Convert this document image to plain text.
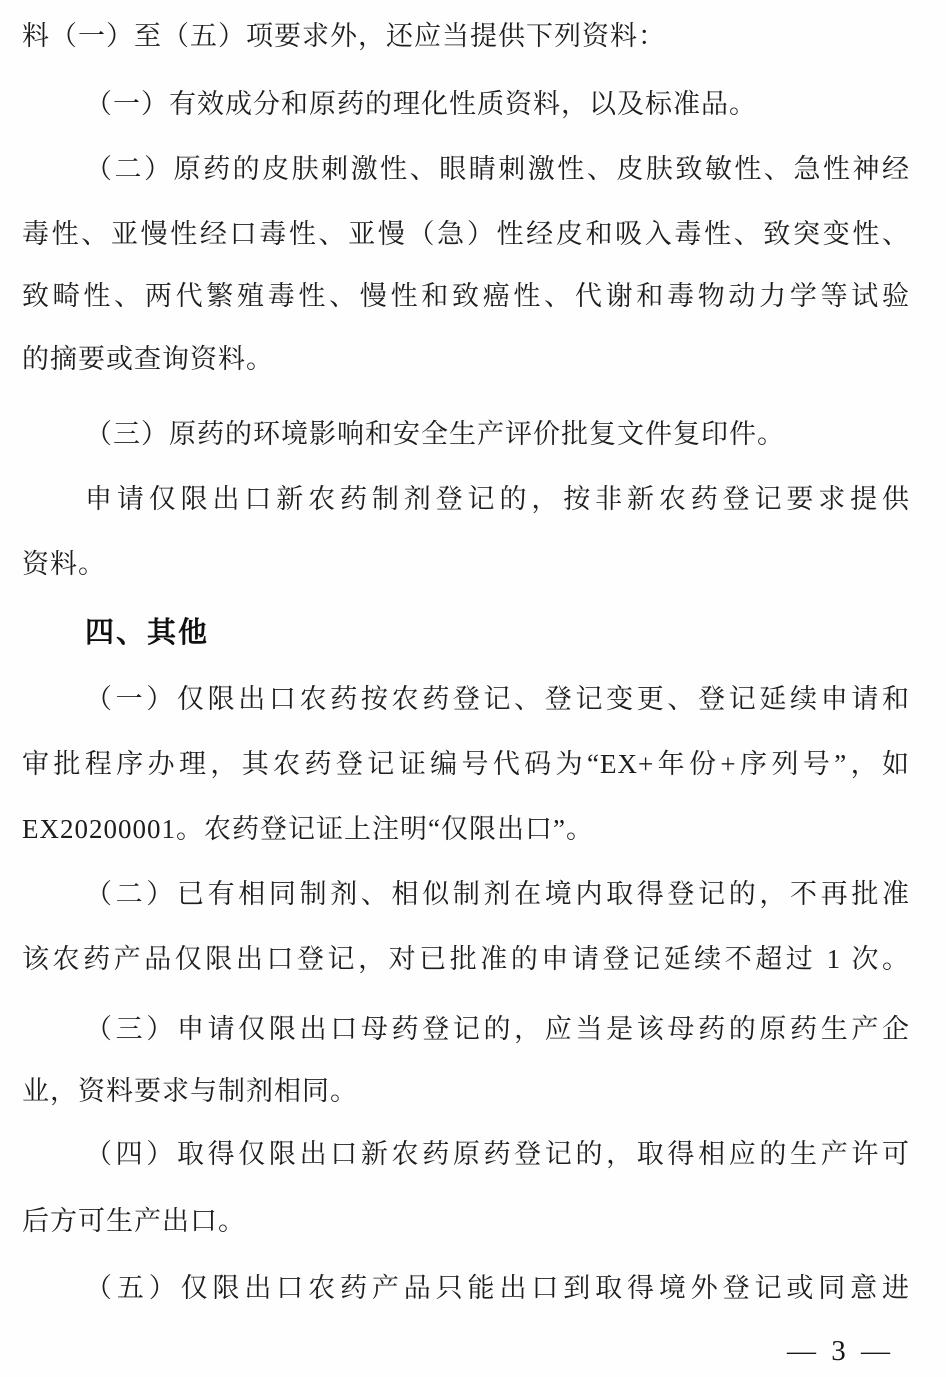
料（一）至（五）项要求外，还应当提供下列资料：
（一）有效成分和原药的理化性质资料，以及标准品。
（二）原药的皮肤刺激性、眼睛刺激性、皮肤致敏性、急性神经
毒性、亚慢性经口毒性、亚慢（急）性经皮和吸入毒性、致突变性、
致畸性、两代繁殖毒性、慢性和致癌性、代谢和毒物动力学等试验
的摘要或查询资料。
（三）原药的环境影响和安全生产评价批复文件复印件。
申请仅限出口新农药制剂登记的，按非新农药登记要求提供
资料。
四、其他
（一）仅限出口农药按农药登记、登记变更、登记延续申请和
审批程序办理，其农药登记证编号代码为“EX+年份+序列号”，如
EX20200001。农药登记证上注明“仅限出口”。
（二）已有相同制剂、相似制剂在境内取得登记的，不再批准
该农药产品仅限出口登记，对已批准的申请登记延续不超过 1 次。
（三）申请仅限出口母药登记的，应当是该母药的原药生产企
业，资料要求与制剂相同。
（四）取得仅限出口新农药原药登记的，取得相应的生产许可
后方可生产出口。
（五）仅限出口农药产品只能出口到取得境外登记或同意进
— 3 —
